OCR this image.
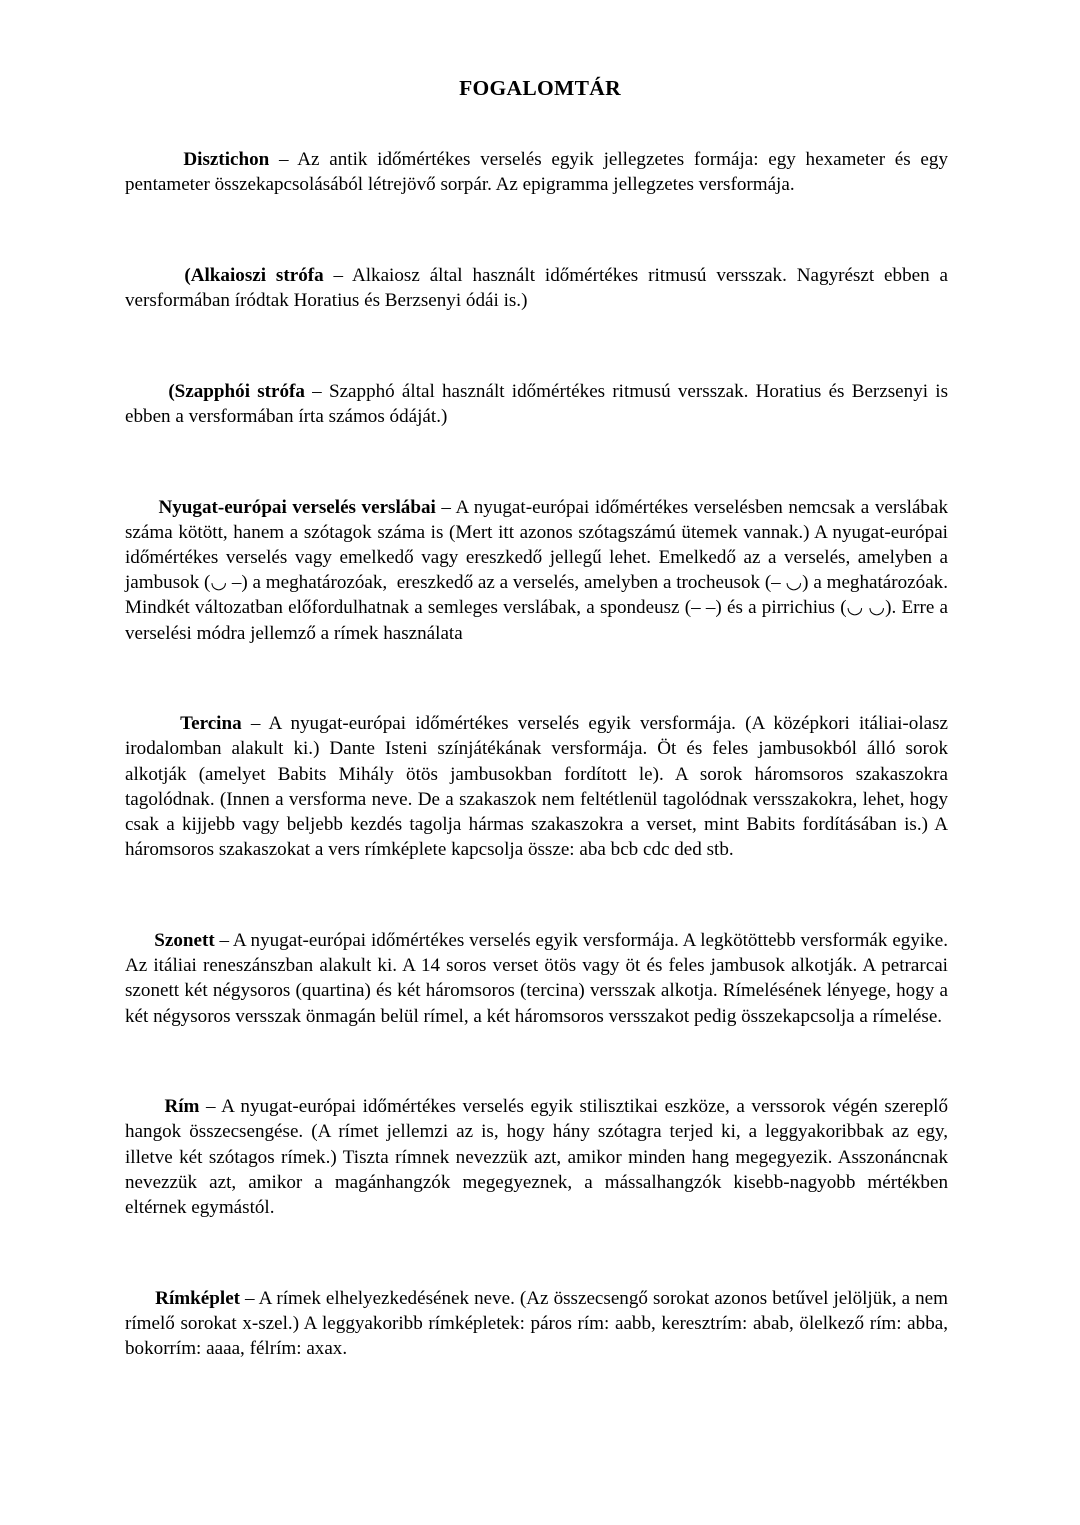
FOGALOMTÁR

Disztichon – Az antik időmértékes verselés egyik jellegzetes formája: egy hexameter és egy pentameter összekapcsolásából létrejövő sorpár. Az epigramma jellegzetes versformája.

(Alkaioszi strófa – Alkaiosz által használt időmértékes ritmusú versszak. Nagyrészt ebben a versformában íródtak Horatius és Berzsenyi ódái is.)

(Szapphói strófa – Szapphó által használt időmértékes ritmusú versszak. Horatius és Berzsenyi is ebben a versformában írta számos ódáját.)

Nyugat-európai verselés verslábai – A nyugat-európai időmértékes verselésben nemcsak a verslábak száma kötött, hanem a szótagok száma is (Mert itt azonos szótagszámú ütemek vannak.) A nyugat-európai időmértékes verselés vagy emelkedő vagy ereszkedő jellegű lehet. Emelkedő az a verselés, amelyben a jambusok (◡ –) a meghatározóak,  ereszkedő az a verselés, amelyben a trocheusok (– ◡) a meghatározóak. Mindkét változatban előfordulhatnak a semleges verslábak, a spondeusz (– –) és a pirrichius (◡ ◡). Erre a verselési módra jellemző a rímek használata

Tercina – A nyugat-európai időmértékes verselés egyik versformája. (A középkori itáliai-olasz irodalomban alakult ki.) Dante Isteni színjátékának versformája. Öt és feles jambusokból álló sorok alkotják (amelyet Babits Mihály ötös jambusokban fordított le). A sorok háromsoros szakaszokra tagolódnak. (Innen a versforma neve. De a szakaszok nem feltétlenül tagolódnak versszakokra, lehet, hogy csak a kijjebb vagy beljebb kezdés tagolja hármas szakaszokra a verset, mint Babits fordításában is.) A háromsoros szakaszokat a vers rímképlete kapcsolja össze: aba bcb cdc ded stb.

Szonett – A nyugat-európai időmértékes verselés egyik versformája. A legkötöttebb versformák egyike. Az itáliai reneszánszban alakult ki. A 14 soros verset ötös vagy öt és feles jambusok alkotják. A petrarcai szonett két négysoros (quartina) és két háromsoros (tercina) versszak alkotja. Rímelésének lényege, hogy a két négysoros versszak önmagán belül rímel, a két háromsoros versszakot pedig összekapcsolja a rímelése.

Rím – A nyugat-európai időmértékes verselés egyik stilisztikai eszköze, a verssorok végén szereplő hangok összecsengése. (A rímet jellemzi az is, hogy hány szótagra terjed ki, a leggyakoribbak az egy, illetve két szótagos rímek.) Tiszta rímnek nevezzük azt, amikor minden hang megegyezik. Asszonáncnak nevezzük azt, amikor a magánhangzók megegyeznek, a mássalhangzók kisebb-nagyobb mértékben eltérnek egymástól.

Rímképlet – A rímek elhelyezkedésének neve. (Az összecsengő sorokat azonos betűvel jelöljük, a nem rímelő sorokat x-szel.) A leggyakoribb rímképletek: páros rím: aabb, keresztrím: abab, ölelkező rím: abba, bokorrím: aaaa, félrím: axax.
